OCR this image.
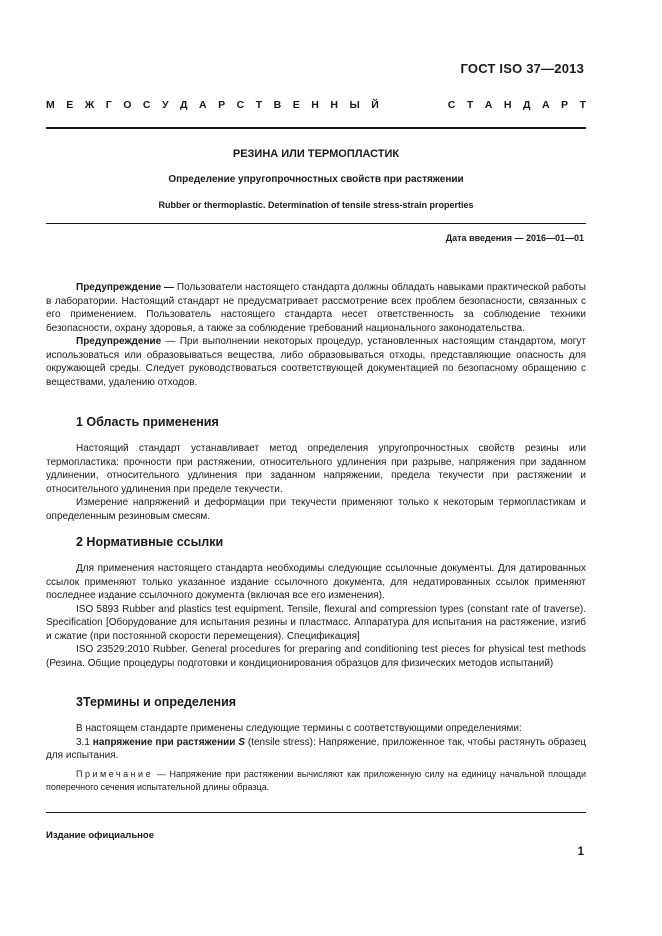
ГОСТ ISO 37—2013
М Е Ж Г О С У Д А Р С Т В Е Н Н Ы Й	С Т А Н Д А Р Т
РЕЗИНА ИЛИ ТЕРМОПЛАСТИК
Определение упругопрочностных свойств при растяжении
Rubber or thermoplastic. Determination of tensile stress-strain properties
Дата введения — 2016—01—01

Предупреждение — Пользователи настоящего стандарта должны обладать навыками практической работы в лаборатории. Настоящий стандарт не предусматривает рассмотрение всех проблем безопасности, связанных с его применением. Пользователь настоящего стандарта несет ответственность за соблюдение техники безопасности, охрану здоровья, а также за соблюдение требований национального законодательства.

Предупреждение — При выполнении некоторых процедур, установленных настоящим стандартом, могут использоваться или образовываться вещества, либо образовываться отходы, представляющие опасность для окружающей среды. Следует руководствоваться соответствующей документацией по безопасному обращению с веществами, удалению отходов.

1 Область применения

Настоящий стандарт устанавливает метод определения упругопрочностных свойств резины или термопластика: прочности при растяжении, относительного удлинения при разрыве, напряжения при заданном удлинении, относительного удлинения при заданном напряжении, предела текучести при растяжении и относительного удлинения при пределе текучести.

Измерение напряжений и деформации при текучести применяют только к некоторым термопластикам и определенным резиновым смесям.

2 Нормативные ссылки

Для применения настоящего стандарта необходимы следующие ссылочные документы. Для датированных ссылок применяют только указанное издание ссылочного документа, для недатированных ссылок применяют последнее издание ссылочного документа (включая все его изменения).

ISO 5893 Rubber and plastics test equipment. Tensile, flexural and compression types (constant rate of traverse). Specification [Оборудование для испытания резины и пластмасс. Аппаратура для испытания на растяжение, изгиб и сжатие (при постоянной скорости перемещения). Спецификация]

ISO 23529:2010 Rubber. General procedures for preparing and conditioning test pieces for physical test methods (Резина. Общие процедуры подготовки и кондиционирования образцов для физических методов испытаний)

3Термины и определения

В настоящем стандарте применены следующие термины с соответствующими определениями:

3.1 напряжение при растяжении S (tensile stress): Напряжение, приложенное так, чтобы растянуть образец для испытания.

Примечание — Напряжение при растяжении вычисляют как приложенную силу на единицу начальной площади поперечного сечения испытательной длины образца.

Издание официальное
1
